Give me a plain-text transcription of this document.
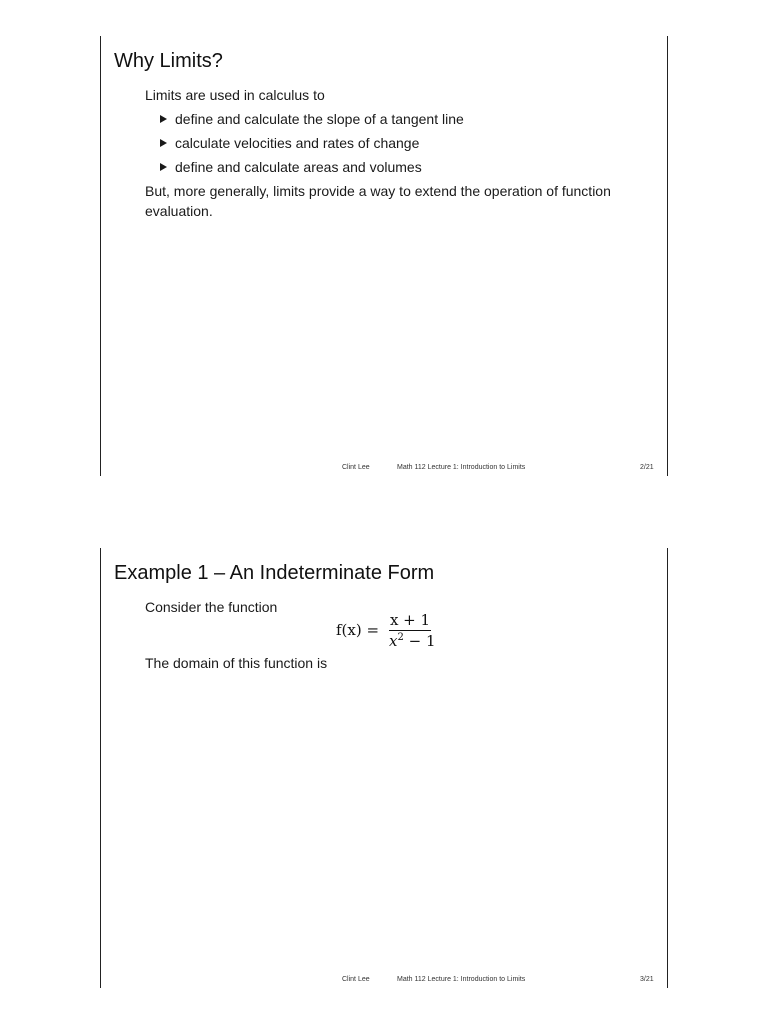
Why Limits?

Limits are used in calculus to

define and calculate the slope of a tangent line
calculate velocities and rates of change
define and calculate areas and volumes

But, more generally, limits provide a way to extend the operation of function evaluation.

Clint Lee	Math 112 Lecture 1: Introduction to Limits	2/21
Example 1 – An Indeterminate Form

Consider the function

f(x) =
x + 1
$x^2 - 1$

The domain of this function is

Clint Lee	Math 112 Lecture 1: Introduction to Limits	3/21
